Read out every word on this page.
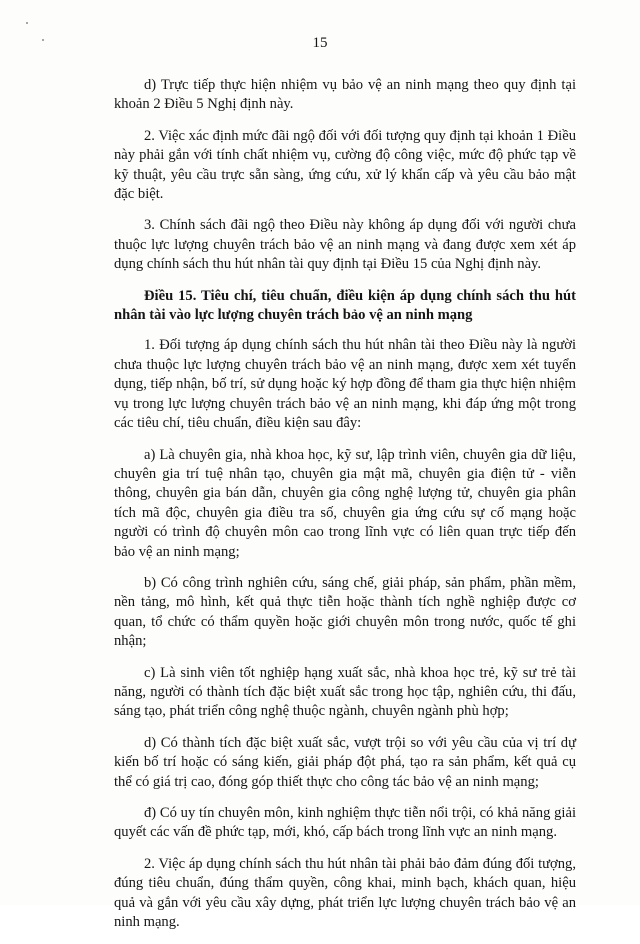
15

d) Trực tiếp thực hiện nhiệm vụ bảo vệ an ninh mạng theo quy định tại khoản 2 Điều 5 Nghị định này.

2. Việc xác định mức đãi ngộ đối với đối tượng quy định tại khoản 1 Điều này phải gắn với tính chất nhiệm vụ, cường độ công việc, mức độ phức tạp về kỹ thuật, yêu cầu trực sẵn sàng, ứng cứu, xử lý khẩn cấp và yêu cầu bảo mật đặc biệt.

3. Chính sách đãi ngộ theo Điều này không áp dụng đối với người chưa thuộc lực lượng chuyên trách bảo vệ an ninh mạng và đang được xem xét áp dụng chính sách thu hút nhân tài quy định tại Điều 15 của Nghị định này.

Điều 15. Tiêu chí, tiêu chuẩn, điều kiện áp dụng chính sách thu hút nhân tài vào lực lượng chuyên trách bảo vệ an ninh mạng

1. Đối tượng áp dụng chính sách thu hút nhân tài theo Điều này là người chưa thuộc lực lượng chuyên trách bảo vệ an ninh mạng, được xem xét tuyển dụng, tiếp nhận, bố trí, sử dụng hoặc ký hợp đồng để tham gia thực hiện nhiệm vụ trong lực lượng chuyên trách bảo vệ an ninh mạng, khi đáp ứng một trong các tiêu chí, tiêu chuẩn, điều kiện sau đây:

a) Là chuyên gia, nhà khoa học, kỹ sư, lập trình viên, chuyên gia dữ liệu, chuyên gia trí tuệ nhân tạo, chuyên gia mật mã, chuyên gia điện tử - viễn thông, chuyên gia bán dẫn, chuyên gia công nghệ lượng tử, chuyên gia phân tích mã độc, chuyên gia điều tra số, chuyên gia ứng cứu sự cố mạng hoặc người có trình độ chuyên môn cao trong lĩnh vực có liên quan trực tiếp đến bảo vệ an ninh mạng;

b) Có công trình nghiên cứu, sáng chế, giải pháp, sản phẩm, phần mềm, nền tảng, mô hình, kết quả thực tiễn hoặc thành tích nghề nghiệp được cơ quan, tổ chức có thẩm quyền hoặc giới chuyên môn trong nước, quốc tế ghi nhận;

c) Là sinh viên tốt nghiệp hạng xuất sắc, nhà khoa học trẻ, kỹ sư trẻ tài năng, người có thành tích đặc biệt xuất sắc trong học tập, nghiên cứu, thi đấu, sáng tạo, phát triển công nghệ thuộc ngành, chuyên ngành phù hợp;

d) Có thành tích đặc biệt xuất sắc, vượt trội so với yêu cầu của vị trí dự kiến bố trí hoặc có sáng kiến, giải pháp đột phá, tạo ra sản phẩm, kết quả cụ thể có giá trị cao, đóng góp thiết thực cho công tác bảo vệ an ninh mạng;

đ) Có uy tín chuyên môn, kinh nghiệm thực tiễn nổi trội, có khả năng giải quyết các vấn đề phức tạp, mới, khó, cấp bách trong lĩnh vực an ninh mạng.

2. Việc áp dụng chính sách thu hút nhân tài phải bảo đảm đúng đối tượng, đúng tiêu chuẩn, đúng thẩm quyền, công khai, minh bạch, khách quan, hiệu quả và gắn với yêu cầu xây dựng, phát triển lực lượng chuyên trách bảo vệ an ninh mạng.
